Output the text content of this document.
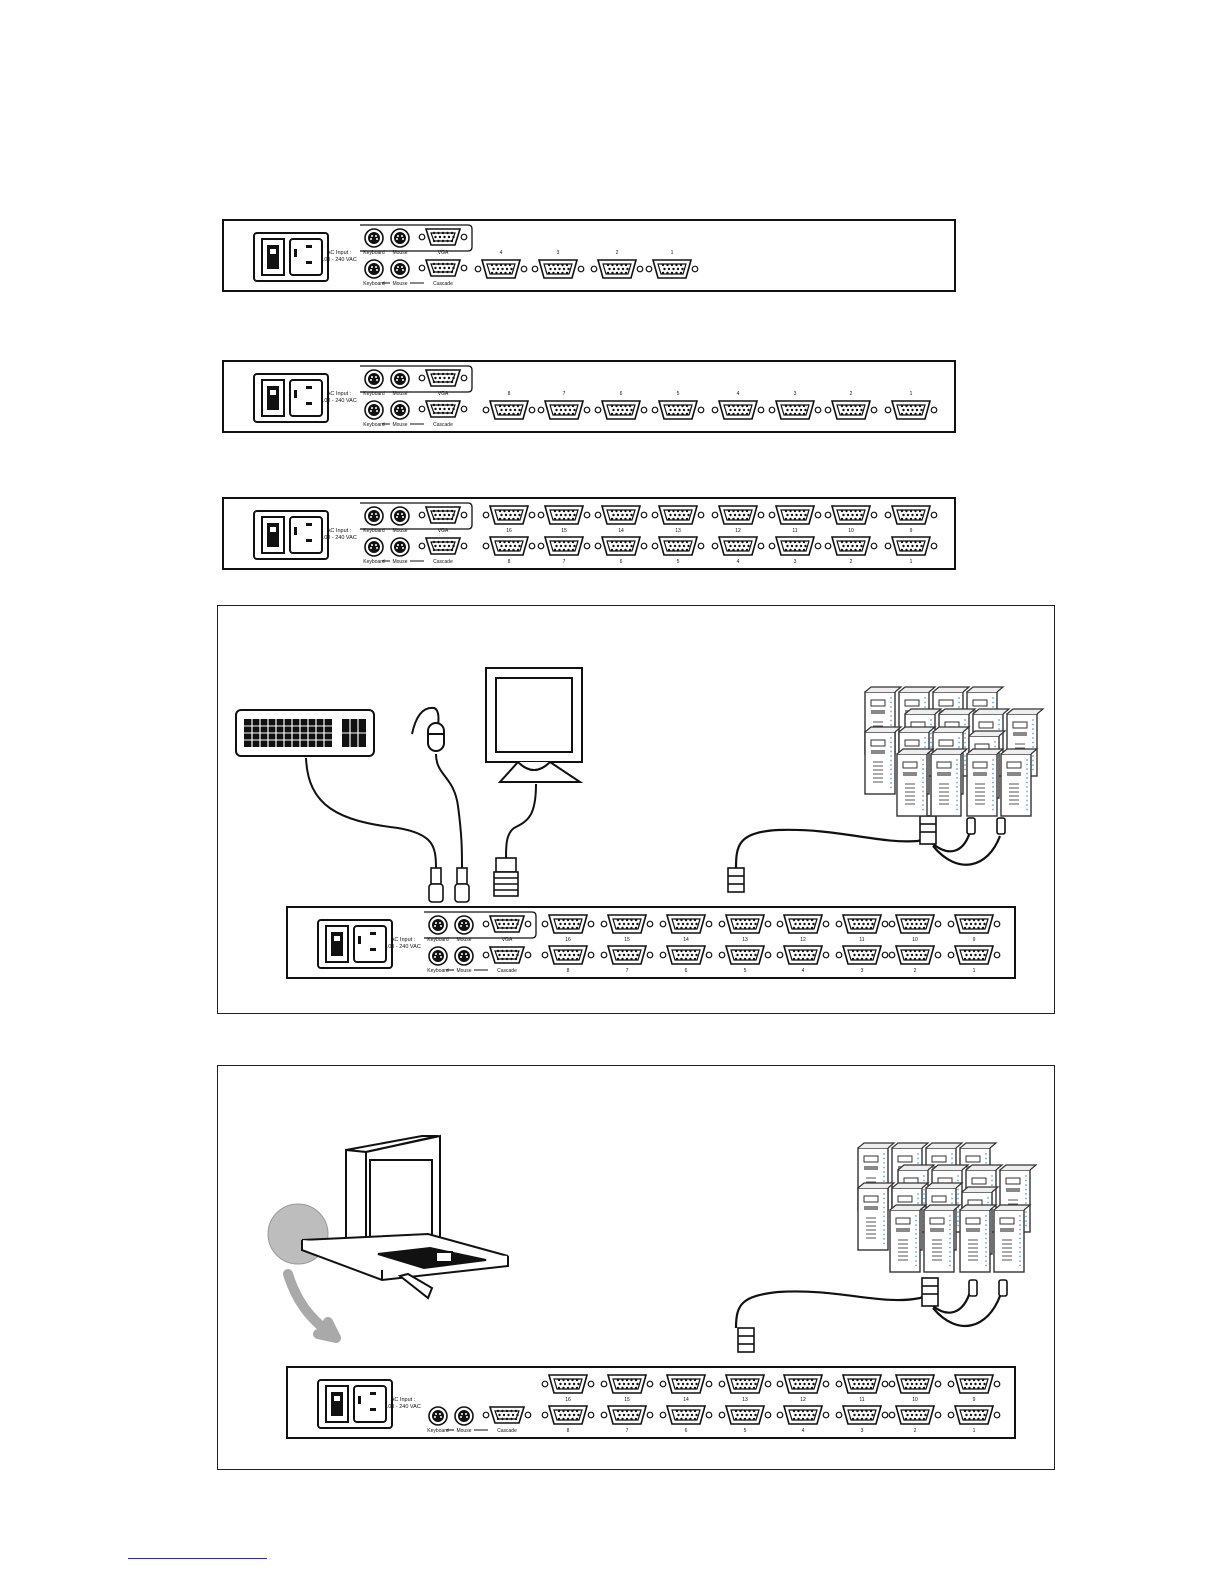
AC Input :
100 - 240 VAC
Keyboard Mouse	VGA
Keyboard Mouse	Cascade
4	3	2	1
AC Input :
100 - 240 VAC
Keyboard Mouse	VGA
Keyboard Mouse	Cascade
8	7	6	5	4	3	2	1
AC Input :
100 - 240 VAC
Keyboard Mouse	VGA
Keyboard Mouse	Cascade
16	15	14	13	12	11	10	9
8	7	6	5	4	3	2	1
AC Input :
100 - 240 VAC
Keyboard Mouse	VGA
Keyboard Mouse	Cascade
16	15	14	13	12	11	10	9
8	7	6	5	4	3	2	1
AC Input :
100 - 240 VAC
Keyboard Mouse	Cascade
16	15	14	13	12	11	10	9
8	7	6	5	4	3	2	1
